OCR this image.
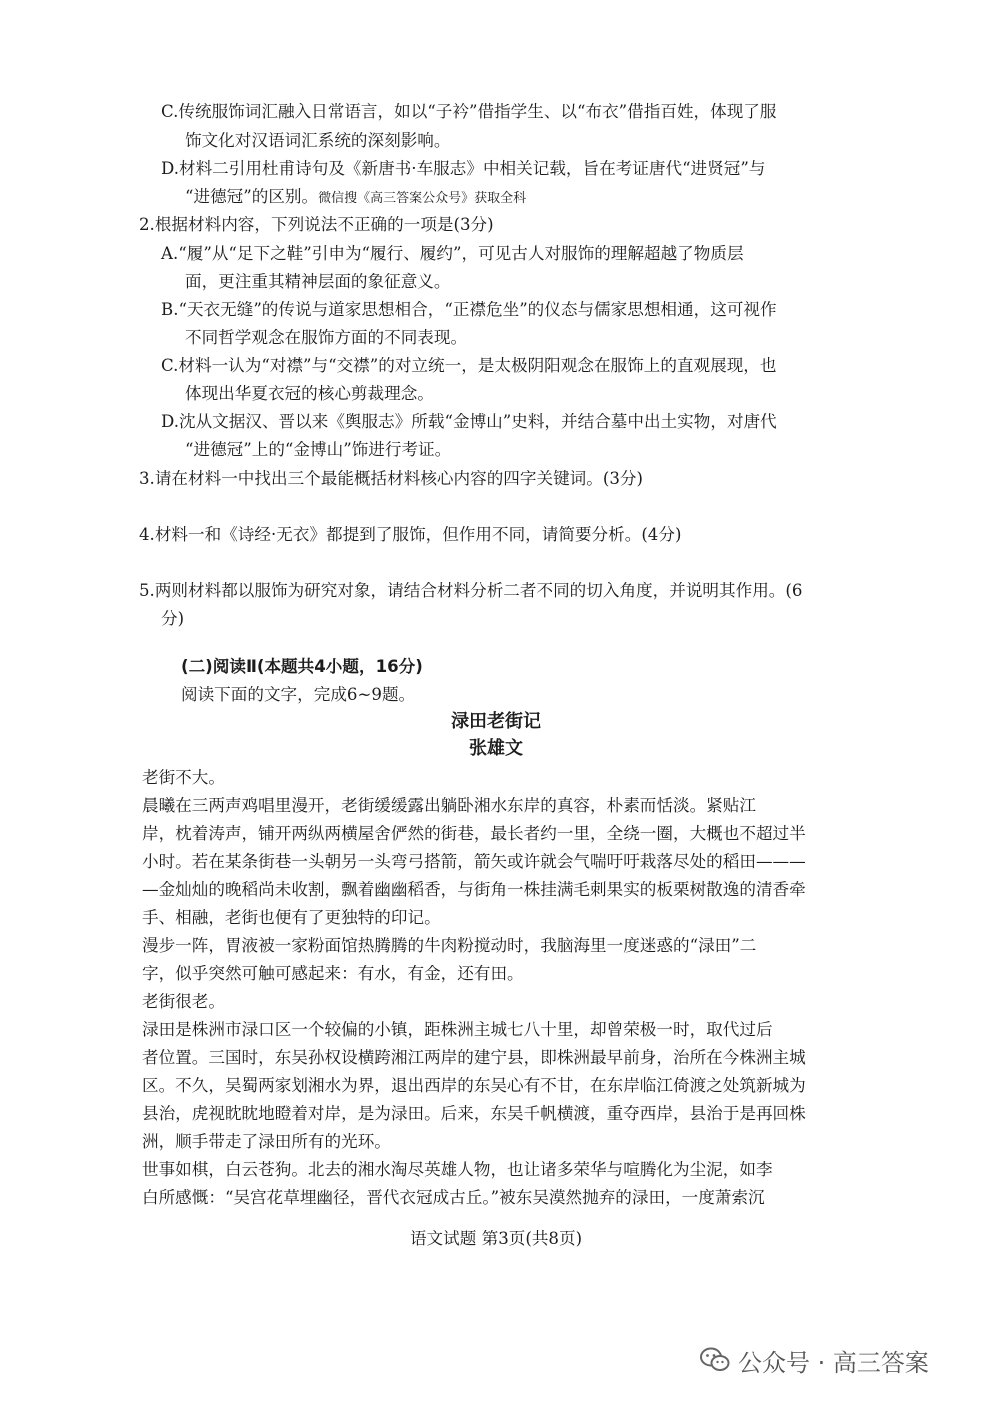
C.传统服饰词汇融入日常语言，如以“子衿”借指学生、以“布衣”借指百姓，体现了服
饰文化对汉语词汇系统的深刻影响。
D.材料二引用杜甫诗句及《新唐书·车服志》中相关记载，旨在考证唐代“进贤冠”与
“进德冠”的区别。微信搜《高三答案公众号》获取全科
2.根据材料内容，下列说法不正确的一项是(3分)
A.“履”从“足下之鞋”引申为“履行、履约”，可见古人对服饰的理解超越了物质层
面，更注重其精神层面的象征意义。
B.“天衣无缝”的传说与道家思想相合，“正襟危坐”的仪态与儒家思想相通，这可视作
不同哲学观念在服饰方面的不同表现。
C.材料一认为“对襟”与“交襟”的对立统一，是太极阴阳观念在服饰上的直观展现，也
体现出华夏衣冠的核心剪裁理念。
D.沈从文据汉、晋以来《舆服志》所载“金博山”史料，并结合墓中出土实物，对唐代
“进德冠”上的“金博山”饰进行考证。
3.请在材料一中找出三个最能概括材料核心内容的四字关键词。(3分)
4.材料一和《诗经·无衣》都提到了服饰，但作用不同，请简要分析。(4分)
5.两则材料都以服饰为研究对象，请结合材料分析二者不同的切入角度，并说明其作用。(6
分)
(二)阅读Ⅱ(本题共4小题，16分)
阅读下面的文字，完成6~9题。
渌田老街记
张雄文
老街不大。
晨曦在三两声鸡唱里漫开，老街缓缓露出躺卧湘水东岸的真容，朴素而恬淡。紧贴江
岸，枕着涛声，铺开两纵两横屋舍俨然的街巷，最长者约一里，全绕一圈，大概也不超过半
小时。若在某条街巷一头朝另一头弯弓搭箭，箭矢或许就会气喘吁吁栽落尽处的稻田———
—金灿灿的晚稻尚未收割，飘着幽幽稻香，与街角一株挂满毛刺果实的板栗树散逸的清香牵
手、相融，老街也便有了更独特的印记。
漫步一阵，胃液被一家粉面馆热腾腾的牛肉粉搅动时，我脑海里一度迷惑的“渌田”二
字，似乎突然可触可感起来：有水，有金，还有田。
老街很老。
渌田是株洲市渌口区一个较偏的小镇，距株洲主城七八十里，却曾荣极一时，取代过后
者位置。三国时，东吴孙权设横跨湘江两岸的建宁县，即株洲最早前身，治所在今株洲主城
区。不久，吴蜀两家划湘水为界，退出西岸的东吴心有不甘，在东岸临江倚渡之处筑新城为
县治，虎视眈眈地瞪着对岸，是为渌田。后来，东吴千帆横渡，重夺西岸，县治于是再回株
洲，顺手带走了渌田所有的光环。
世事如棋，白云苍狗。北去的湘水淘尽英雄人物，也让诸多荣华与喧腾化为尘泥，如李
白所感慨：“吴宫花草埋幽径，晋代衣冠成古丘。”被东吴漠然抛弃的渌田，一度萧索沉
语文试题 第3页(共8页)
公众号 · 高三答案
